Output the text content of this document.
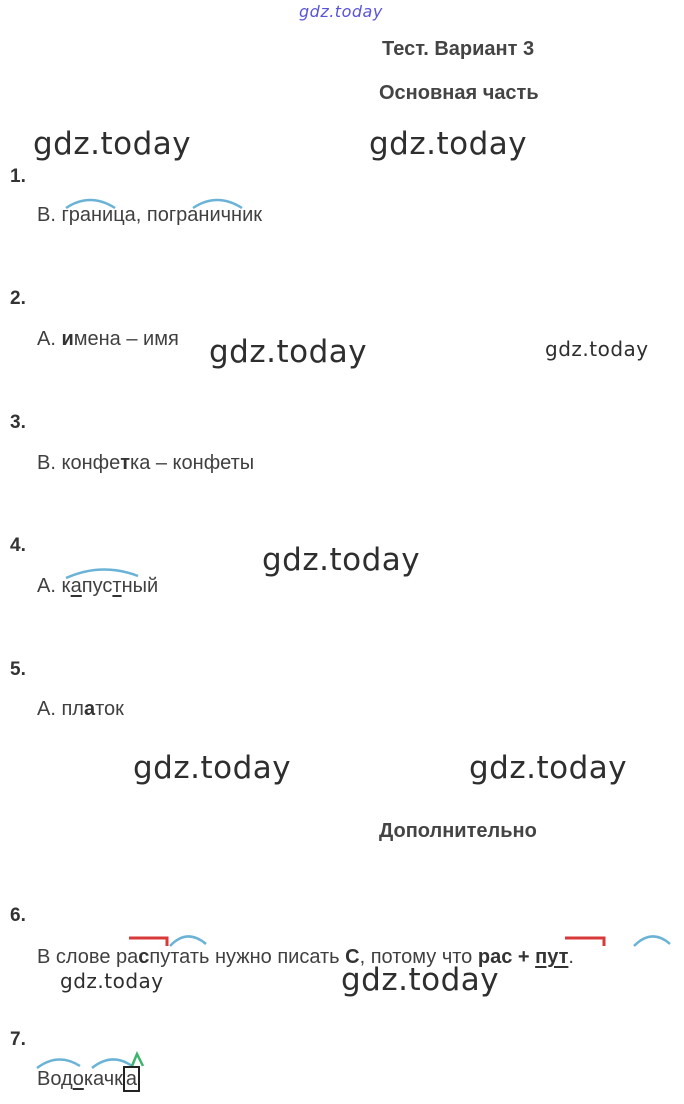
gdz.today
Тест. Вариант 3
Основная часть
gdz.today	gdz.today
1.
В. граница, пограничник
2.
А. имена – имя gdz.today	gdz.today
3.
В. конфетка – конфеты
4.	gdz.today
А. капустный
5.
А. платок
gdz.today	gdz.today
Дополнительно
6.
В слове распутать нужно писать С, потому что рас + пут.
gdz.today	gdz.today
7.
Водокачк а
